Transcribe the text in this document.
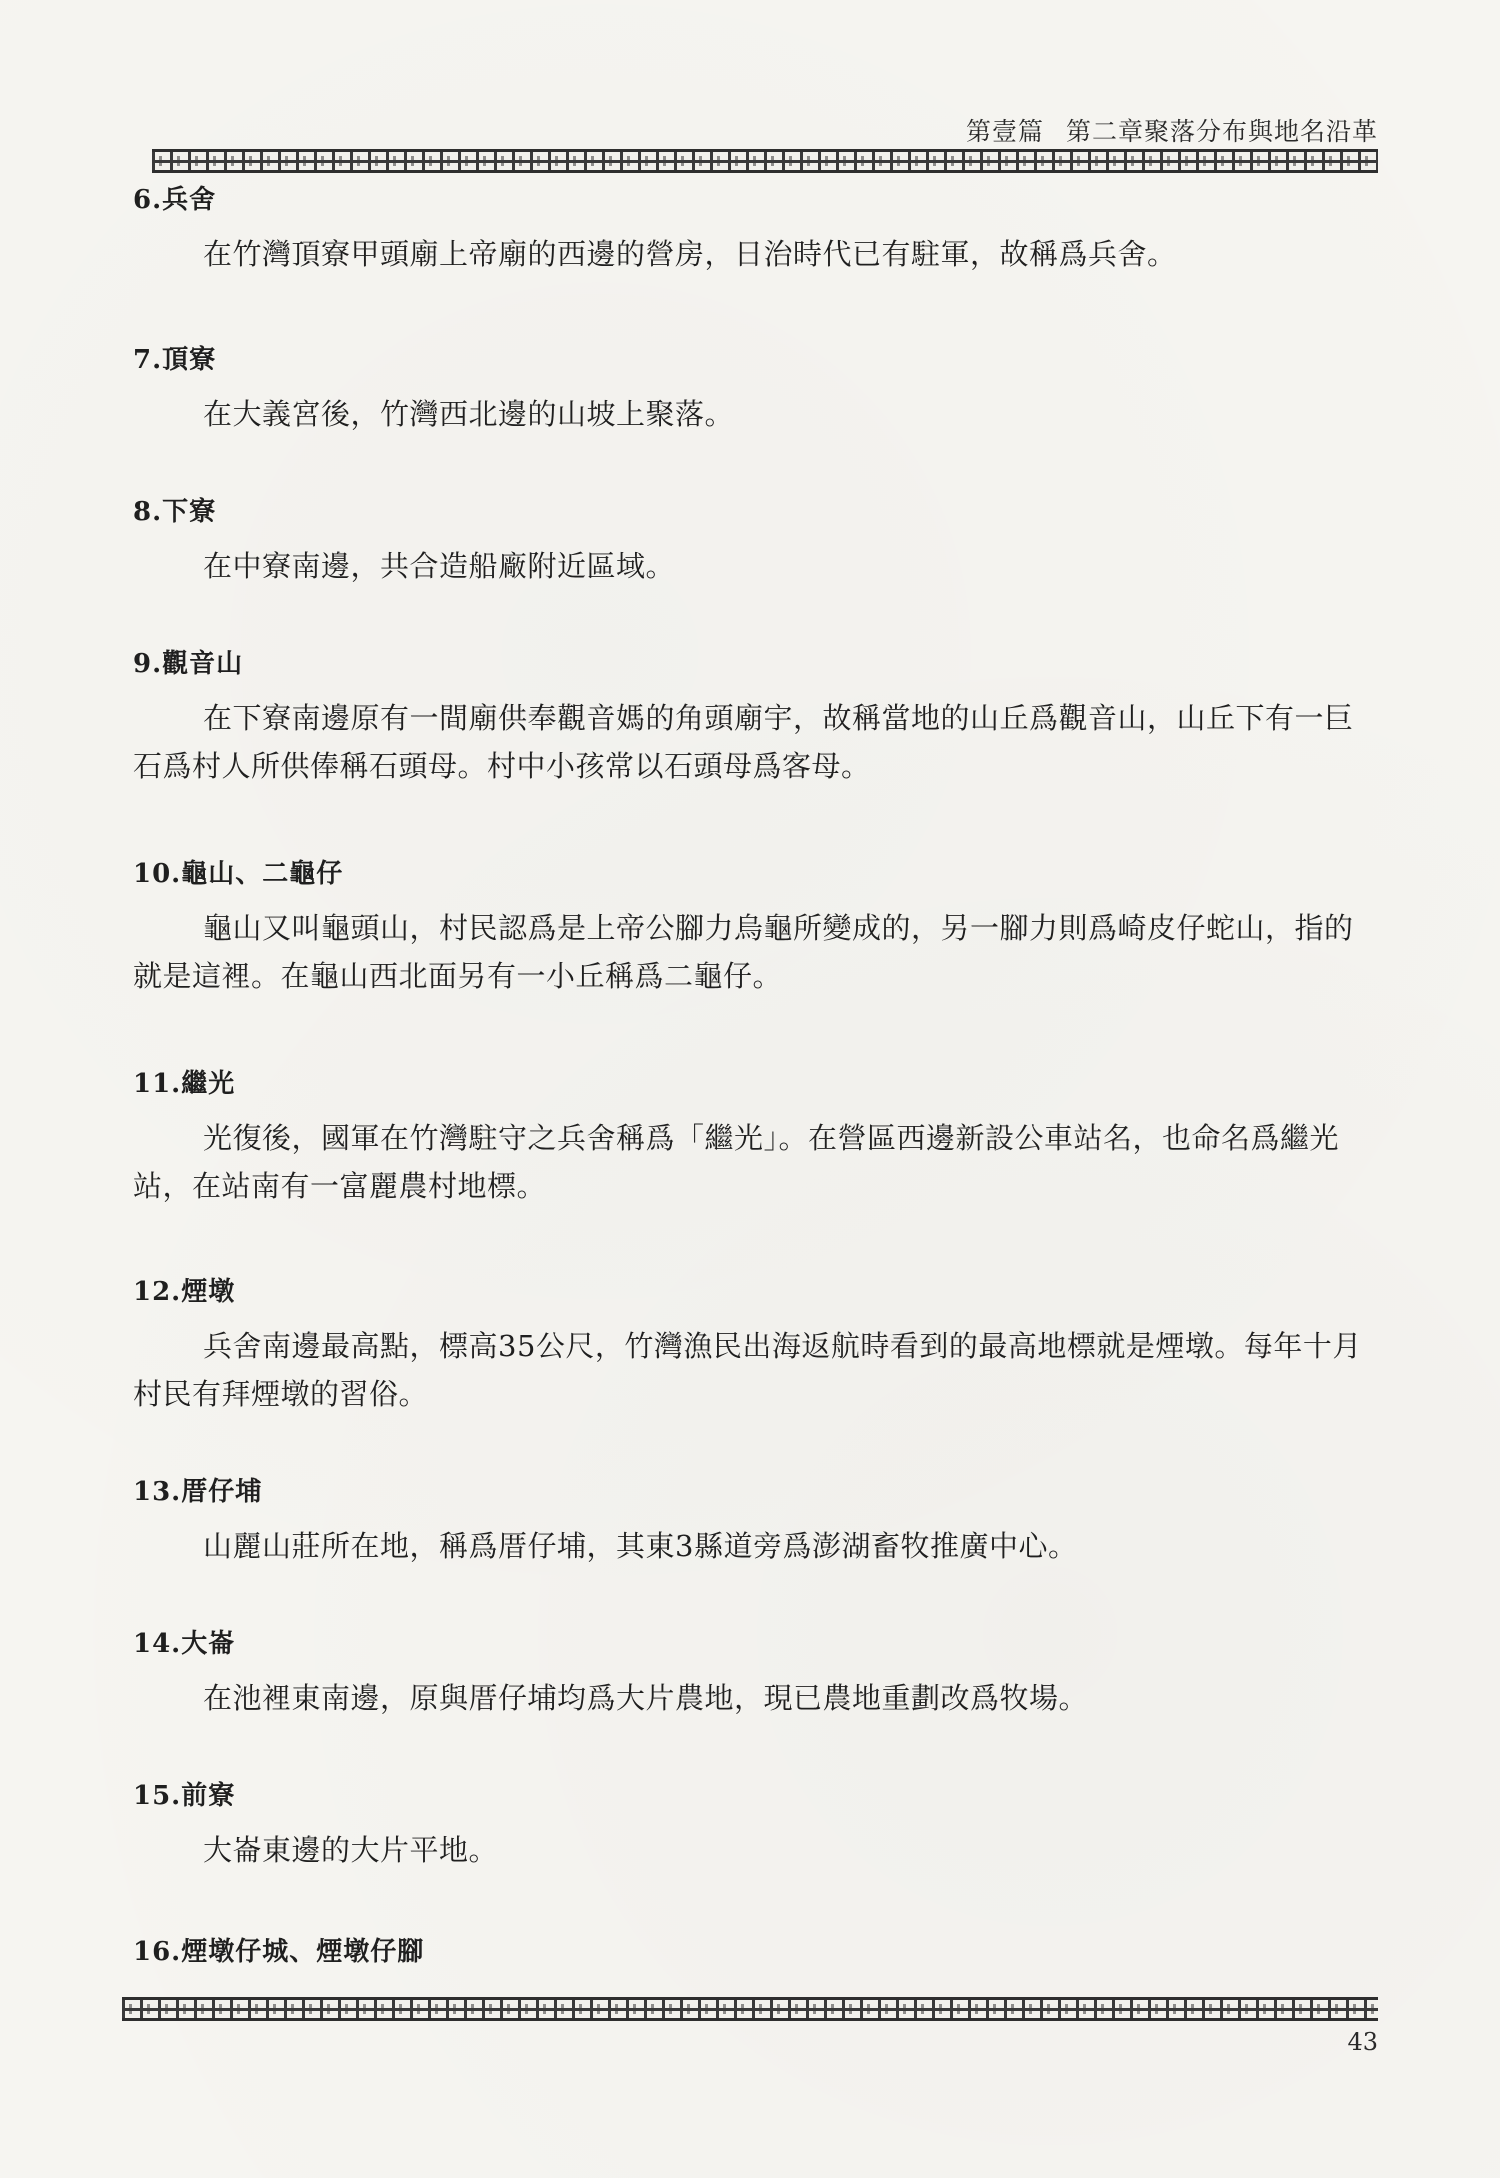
第壹篇 第二章聚落分布與地名沿革

6.兵舍

在竹灣頂寮甲頭廟上帝廟的西邊的營房，日治時代已有駐軍，故稱爲兵舍。

7.頂寮

在大義宮後，竹灣西北邊的山坡上聚落。

8.下寮

在中寮南邊，共合造船廠附近區域。

9.觀音山

在下寮南邊原有一間廟供奉觀音媽的角頭廟宇，故稱當地的山丘爲觀音山，山丘下有一巨石爲村人所供俸稱石頭母。村中小孩常以石頭母爲客母。

10.龜山、二龜仔

龜山又叫龜頭山，村民認爲是上帝公腳力烏龜所變成的，另一腳力則爲崎皮仔蛇山，指的就是這裡。在龜山西北面另有一小丘稱爲二龜仔。

11.繼光

光復後，國軍在竹灣駐守之兵舍稱爲「繼光」。在營區西邊新設公車站名，也命名爲繼光站，在站南有一富麗農村地標。

12.煙墩

兵舍南邊最高點，標高35公尺，竹灣漁民出海返航時看到的最高地標就是煙墩。每年十月村民有拜煙墩的習俗。

13.厝仔埔

山麗山莊所在地，稱爲厝仔埔，其東3縣道旁爲澎湖畜牧推廣中心。

14.大崙

在池裡東南邊，原與厝仔埔均爲大片農地，現已農地重劃改爲牧場。

15.前寮

大崙東邊的大片平地。

16.煙墩仔城、煙墩仔腳

43
